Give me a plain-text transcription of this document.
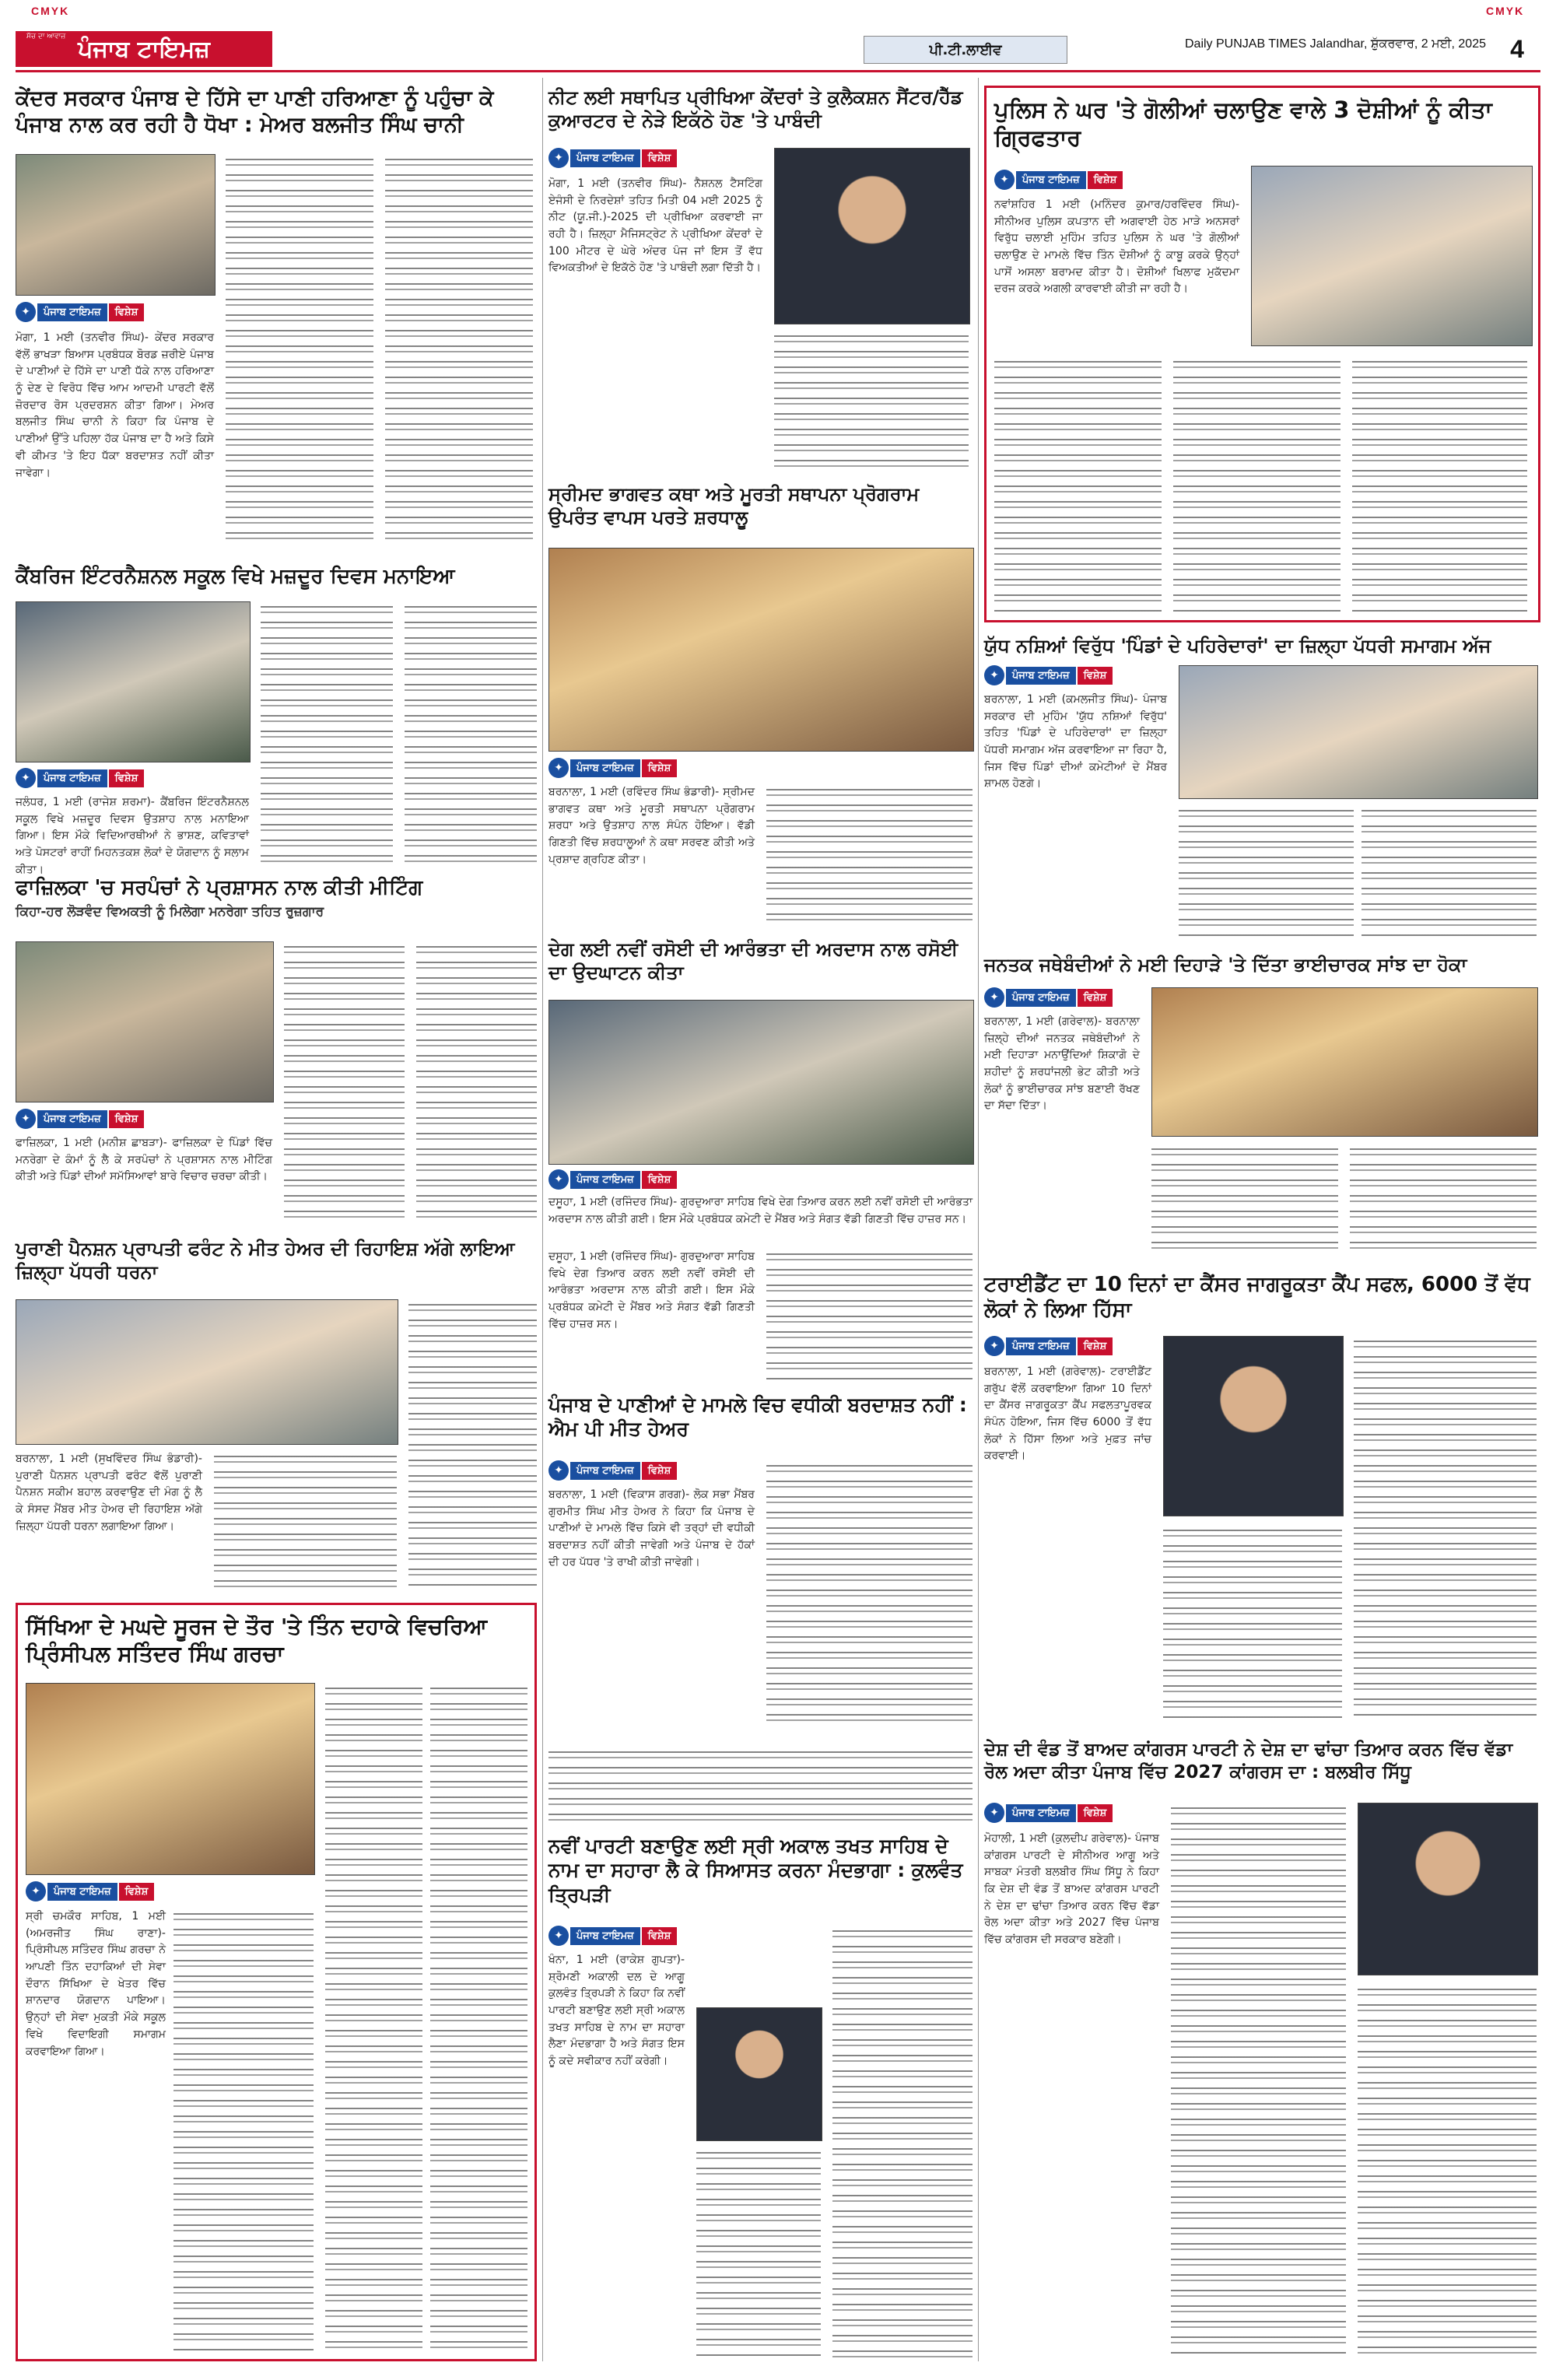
CMYK	CMYK
ਸੱਚ ਦਾ ਆਵਾਜ਼ ਪੰਜਾਬ ਟਾਇਮਜ਼	ਪੀ.ਟੀ.ਲਾਈਵ	Daily PUNJAB TIMES Jalandhar, ਸ਼ੁੱਕਰਵਾਰ, 2 ਮਈ, 2025 4
ਕੇਂਦਰ ਸਰਕਾਰ ਪੰਜਾਬ ਦੇ ਹਿੱਸੇ ਦਾ ਪਾਣੀ ਹਰਿਆਣਾ ਨੂੰ ਪਹੁੰਚਾ ਕੇ ਪੰਜਾਬ ਨਾਲ ਕਰ ਰਹੀ ਹੈ ਧੋਖਾ : ਮੇਅਰ ਬਲਜੀਤ ਸਿੰਘ ਚਾਨੀ
✦	ਪੰਜਾਬ ਟਾਇਮਜ਼	ਵਿਸ਼ੇਸ਼

ਮੋਗਾ, 1 ਮਈ (ਤਨਵੀਰ ਸਿੰਘ)- ਕੇਂਦਰ ਸਰਕਾਰ ਵੱਲੋਂ ਭਾਖੜਾ ਬਿਆਸ ਪ੍ਰਬੰਧਕ ਬੋਰਡ ਜ਼ਰੀਏ ਪੰਜਾਬ ਦੇ ਪਾਣੀਆਂ ਦੇ ਹਿੱਸੇ ਦਾ ਪਾਣੀ ਧੱਕੇ ਨਾਲ ਹਰਿਆਣਾ ਨੂੰ ਦੇਣ ਦੇ ਵਿਰੋਧ ਵਿੱਚ ਆਮ ਆਦਮੀ ਪਾਰਟੀ ਵੱਲੋਂ ਜ਼ੋਰਦਾਰ ਰੋਸ ਪ੍ਰਦਰਸ਼ਨ ਕੀਤਾ ਗਿਆ। ਮੇਅਰ ਬਲਜੀਤ ਸਿੰਘ ਚਾਨੀ ਨੇ ਕਿਹਾ ਕਿ ਪੰਜਾਬ ਦੇ ਪਾਣੀਆਂ ਉੱਤੇ ਪਹਿਲਾ ਹੱਕ ਪੰਜਾਬ ਦਾ ਹੈ ਅਤੇ ਕਿਸੇ ਵੀ ਕੀਮਤ 'ਤੇ ਇਹ ਧੱਕਾ ਬਰਦਾਸ਼ਤ ਨਹੀਂ ਕੀਤਾ ਜਾਵੇਗਾ।

ਨੀਟ ਲਈ ਸਥਾਪਿਤ ਪ੍ਰੀਖਿਆ ਕੇਂਦਰਾਂ ਤੇ ਕੁਲੈਕਸ਼ਨ ਸੈਂਟਰ/ਹੈੱਡ ਕੁਆਰਟਰ ਦੇ ਨੇੜੇ ਇਕੱਠੇ ਹੋਣ 'ਤੇ ਪਾਬੰਦੀ
✦	ਪੰਜਾਬ ਟਾਇਮਜ਼	ਵਿਸ਼ੇਸ਼

ਮੋਗਾ, 1 ਮਈ (ਤਨਵੀਰ ਸਿੰਘ)- ਨੈਸ਼ਨਲ ਟੈਸਟਿੰਗ ਏਜੰਸੀ ਦੇ ਨਿਰਦੇਸ਼ਾਂ ਤਹਿਤ ਮਿਤੀ 04 ਮਈ 2025 ਨੂੰ ਨੀਟ (ਯੂ.ਜੀ.)-2025 ਦੀ ਪ੍ਰੀਖਿਆ ਕਰਵਾਈ ਜਾ ਰਹੀ ਹੈ। ਜ਼ਿਲ੍ਹਾ ਮੈਜਿਸਟ੍ਰੇਟ ਨੇ ਪ੍ਰੀਖਿਆ ਕੇਂਦਰਾਂ ਦੇ 100 ਮੀਟਰ ਦੇ ਘੇਰੇ ਅੰਦਰ ਪੰਜ ਜਾਂ ਇਸ ਤੋਂ ਵੱਧ ਵਿਅਕਤੀਆਂ ਦੇ ਇਕੱਠੇ ਹੋਣ 'ਤੇ ਪਾਬੰਦੀ ਲਗਾ ਦਿੱਤੀ ਹੈ।

ਪੁਲਿਸ ਨੇ ਘਰ 'ਤੇ ਗੋਲੀਆਂ ਚਲਾਉਣ ਵਾਲੇ 3 ਦੋਸ਼ੀਆਂ ਨੂੰ ਕੀਤਾ ਗ੍ਰਿਫਤਾਰ
✦	ਪੰਜਾਬ ਟਾਇਮਜ਼	ਵਿਸ਼ੇਸ਼

ਨਵਾਂਸ਼ਹਿਰ 1 ਮਈ (ਮਨਿੰਦਰ ਕੁਮਾਰ/ਹਰਵਿੰਦਰ ਸਿੰਘ)- ਸੀਨੀਅਰ ਪੁਲਿਸ ਕਪਤਾਨ ਦੀ ਅਗਵਾਈ ਹੇਠ ਮਾੜੇ ਅਨਸਰਾਂ ਵਿਰੁੱਧ ਚਲਾਈ ਮੁਹਿੰਮ ਤਹਿਤ ਪੁਲਿਸ ਨੇ ਘਰ 'ਤੇ ਗੋਲੀਆਂ ਚਲਾਉਣ ਦੇ ਮਾਮਲੇ ਵਿੱਚ ਤਿੰਨ ਦੋਸ਼ੀਆਂ ਨੂੰ ਕਾਬੂ ਕਰਕੇ ਉਨ੍ਹਾਂ ਪਾਸੋਂ ਅਸਲਾ ਬਰਾਮਦ ਕੀਤਾ ਹੈ। ਦੋਸ਼ੀਆਂ ਖਿਲਾਫ ਮੁਕੱਦਮਾ ਦਰਜ ਕਰਕੇ ਅਗਲੀ ਕਾਰਵਾਈ ਕੀਤੀ ਜਾ ਰਹੀ ਹੈ।

ਸ੍ਰੀਮਦ ਭਾਗਵਤ ਕਥਾ ਅਤੇ ਮੂਰਤੀ ਸਥਾਪਨਾ ਪ੍ਰੋਗਰਾਮ ਉਪਰੰਤ ਵਾਪਸ ਪਰਤੇ ਸ਼ਰਧਾਲੂ
✦	ਪੰਜਾਬ ਟਾਇਮਜ਼	ਵਿਸ਼ੇਸ਼

ਬਰਨਾਲਾ, 1 ਮਈ (ਰਵਿੰਦਰ ਸਿੰਘ ਭੰਡਾਰੀ)- ਸ੍ਰੀਮਦ ਭਾਗਵਤ ਕਥਾ ਅਤੇ ਮੂਰਤੀ ਸਥਾਪਨਾ ਪ੍ਰੋਗਰਾਮ ਸ਼ਰਧਾ ਅਤੇ ਉਤਸ਼ਾਹ ਨਾਲ ਸੰਪੰਨ ਹੋਇਆ। ਵੱਡੀ ਗਿਣਤੀ ਵਿੱਚ ਸ਼ਰਧਾਲੂਆਂ ਨੇ ਕਥਾ ਸਰਵਣ ਕੀਤੀ ਅਤੇ ਪ੍ਰਸ਼ਾਦ ਗ੍ਰਹਿਣ ਕੀਤਾ।

ਕੈਂਬਰਿਜ ਇੰਟਰਨੈਸ਼ਨਲ ਸਕੂਲ ਵਿਖੇ ਮਜ਼ਦੂਰ ਦਿਵਸ ਮਨਾਇਆ
✦	ਪੰਜਾਬ ਟਾਇਮਜ਼	ਵਿਸ਼ੇਸ਼

ਜਲੰਧਰ, 1 ਮਈ (ਰਾਜੇਸ਼ ਸ਼ਰਮਾ)- ਕੈਂਬਰਿਜ ਇੰਟਰਨੈਸ਼ਨਲ ਸਕੂਲ ਵਿਖੇ ਮਜ਼ਦੂਰ ਦਿਵਸ ਉਤਸ਼ਾਹ ਨਾਲ ਮਨਾਇਆ ਗਿਆ। ਇਸ ਮੌਕੇ ਵਿਦਿਆਰਥੀਆਂ ਨੇ ਭਾਸ਼ਣ, ਕਵਿਤਾਵਾਂ ਅਤੇ ਪੋਸਟਰਾਂ ਰਾਹੀਂ ਮਿਹਨਤਕਸ਼ ਲੋਕਾਂ ਦੇ ਯੋਗਦਾਨ ਨੂੰ ਸਲਾਮ ਕੀਤਾ।

ਯੁੱਧ ਨਸ਼ਿਆਂ ਵਿਰੁੱਧ 'ਪਿੰਡਾਂ ਦੇ ਪਹਿਰੇਦਾਰਾਂ' ਦਾ ਜ਼ਿਲ੍ਹਾ ਪੱਧਰੀ ਸਮਾਗਮ ਅੱਜ
✦	ਪੰਜਾਬ ਟਾਇਮਜ਼	ਵਿਸ਼ੇਸ਼

ਬਰਨਾਲਾ, 1 ਮਈ (ਕਮਲਜੀਤ ਸਿੰਘ)- ਪੰਜਾਬ ਸਰਕਾਰ ਦੀ ਮੁਹਿੰਮ 'ਯੁੱਧ ਨਸ਼ਿਆਂ ਵਿਰੁੱਧ' ਤਹਿਤ 'ਪਿੰਡਾਂ ਦੇ ਪਹਿਰੇਦਾਰਾਂ' ਦਾ ਜ਼ਿਲ੍ਹਾ ਪੱਧਰੀ ਸਮਾਗਮ ਅੱਜ ਕਰਵਾਇਆ ਜਾ ਰਿਹਾ ਹੈ, ਜਿਸ ਵਿੱਚ ਪਿੰਡਾਂ ਦੀਆਂ ਕਮੇਟੀਆਂ ਦੇ ਮੈਂਬਰ ਸ਼ਾਮਲ ਹੋਣਗੇ।

ਫਾਜ਼ਿਲਕਾ 'ਚ ਸਰਪੰਚਾਂ ਨੇ ਪ੍ਰਸ਼ਾਸਨ ਨਾਲ ਕੀਤੀ ਮੀਟਿੰਗ
ਕਿਹਾ-ਹਰ ਲੋੜਵੰਦ ਵਿਅਕਤੀ ਨੂੰ ਮਿਲੇਗਾ ਮਨਰੇਗਾ ਤਹਿਤ ਰੁਜ਼ਗਾਰ
✦	ਪੰਜਾਬ ਟਾਇਮਜ਼	ਵਿਸ਼ੇਸ਼

ਫਾਜ਼ਿਲਕਾ, 1 ਮਈ (ਮਨੀਸ਼ ਛਾਬੜਾ)- ਫਾਜ਼ਿਲਕਾ ਦੇ ਪਿੰਡਾਂ ਵਿੱਚ ਮਨਰੇਗਾ ਦੇ ਕੰਮਾਂ ਨੂੰ ਲੈ ਕੇ ਸਰਪੰਚਾਂ ਨੇ ਪ੍ਰਸ਼ਾਸਨ ਨਾਲ ਮੀਟਿੰਗ ਕੀਤੀ ਅਤੇ ਪਿੰਡਾਂ ਦੀਆਂ ਸਮੱਸਿਆਵਾਂ ਬਾਰੇ ਵਿਚਾਰ ਚਰਚਾ ਕੀਤੀ।

ਦੇਗ ਲਈ ਨਵੀਂ ਰਸੋਈ ਦੀ ਆਰੰਭਤਾ ਦੀ ਅਰਦਾਸ ਨਾਲ ਰਸੋਈ ਦਾ ਉਦਘਾਟਨ ਕੀਤਾ
✦	ਪੰਜਾਬ ਟਾਇਮਜ਼	ਵਿਸ਼ੇਸ਼

ਦਸੂਹਾ, 1 ਮਈ (ਰਜਿੰਦਰ ਸਿੰਘ)- ਗੁਰਦੁਆਰਾ ਸਾਹਿਬ ਵਿਖੇ ਦੇਗ ਤਿਆਰ ਕਰਨ ਲਈ ਨਵੀਂ ਰਸੋਈ ਦੀ ਆਰੰਭਤਾ ਅਰਦਾਸ ਨਾਲ ਕੀਤੀ ਗਈ। ਇਸ ਮੌਕੇ ਪ੍ਰਬੰਧਕ ਕਮੇਟੀ ਦੇ ਮੈਂਬਰ ਅਤੇ ਸੰਗਤ ਵੱਡੀ ਗਿਣਤੀ ਵਿੱਚ ਹਾਜ਼ਰ ਸਨ।

ਜਨਤਕ ਜਥੇਬੰਦੀਆਂ ਨੇ ਮਈ ਦਿਹਾੜੇ 'ਤੇ ਦਿੱਤਾ ਭਾਈਚਾਰਕ ਸਾਂਝ ਦਾ ਹੋਕਾ
✦	ਪੰਜਾਬ ਟਾਇਮਜ਼	ਵਿਸ਼ੇਸ਼

ਬਰਨਾਲਾ, 1 ਮਈ (ਗਰੇਵਾਲ)- ਬਰਨਾਲਾ ਜ਼ਿਲ੍ਹੇ ਦੀਆਂ ਜਨਤਕ ਜਥੇਬੰਦੀਆਂ ਨੇ ਮਈ ਦਿਹਾੜਾ ਮਨਾਉਂਦਿਆਂ ਸ਼ਿਕਾਗੋ ਦੇ ਸ਼ਹੀਦਾਂ ਨੂੰ ਸ਼ਰਧਾਂਜਲੀ ਭੇਟ ਕੀਤੀ ਅਤੇ ਲੋਕਾਂ ਨੂੰ ਭਾਈਚਾਰਕ ਸਾਂਝ ਬਣਾਈ ਰੱਖਣ ਦਾ ਸੱਦਾ ਦਿੱਤਾ।

ਪੁਰਾਣੀ ਪੈਨਸ਼ਨ ਪ੍ਰਾਪਤੀ ਫਰੰਟ ਨੇ ਮੀਤ ਹੇਅਰ ਦੀ ਰਿਹਾਇਸ਼ ਅੱਗੇ ਲਾਇਆ ਜ਼ਿਲ੍ਹਾ ਪੱਧਰੀ ਧਰਨਾ

ਬਰਨਾਲਾ, 1 ਮਈ (ਸੁਖਵਿੰਦਰ ਸਿੰਘ ਭੰਡਾਰੀ)- ਪੁਰਾਣੀ ਪੈਨਸ਼ਨ ਪ੍ਰਾਪਤੀ ਫਰੰਟ ਵੱਲੋਂ ਪੁਰਾਣੀ ਪੈਨਸ਼ਨ ਸਕੀਮ ਬਹਾਲ ਕਰਵਾਉਣ ਦੀ ਮੰਗ ਨੂੰ ਲੈ ਕੇ ਸੰਸਦ ਮੈਂਬਰ ਮੀਤ ਹੇਅਰ ਦੀ ਰਿਹਾਇਸ਼ ਅੱਗੇ ਜ਼ਿਲ੍ਹਾ ਪੱਧਰੀ ਧਰਨਾ ਲਗਾਇਆ ਗਿਆ।

ਦਸੂਹਾ, 1 ਮਈ (ਰਜਿੰਦਰ ਸਿੰਘ)- ਗੁਰਦੁਆਰਾ ਸਾਹਿਬ ਵਿਖੇ ਦੇਗ ਤਿਆਰ ਕਰਨ ਲਈ ਨਵੀਂ ਰਸੋਈ ਦੀ ਆਰੰਭਤਾ ਅਰਦਾਸ ਨਾਲ ਕੀਤੀ ਗਈ। ਇਸ ਮੌਕੇ ਪ੍ਰਬੰਧਕ ਕਮੇਟੀ ਦੇ ਮੈਂਬਰ ਅਤੇ ਸੰਗਤ ਵੱਡੀ ਗਿਣਤੀ ਵਿੱਚ ਹਾਜ਼ਰ ਸਨ।

ਪੰਜਾਬ ਦੇ ਪਾਣੀਆਂ ਦੇ ਮਾਮਲੇ ਵਿਚ ਵਧੀਕੀ ਬਰਦਾਸ਼ਤ ਨਹੀਂ : ਐਮ ਪੀ ਮੀਤ ਹੇਅਰ
✦	ਪੰਜਾਬ ਟਾਇਮਜ਼	ਵਿਸ਼ੇਸ਼

ਬਰਨਾਲਾ, 1 ਮਈ (ਵਿਕਾਸ ਗਰਗ)- ਲੋਕ ਸਭਾ ਮੈਂਬਰ ਗੁਰਮੀਤ ਸਿੰਘ ਮੀਤ ਹੇਅਰ ਨੇ ਕਿਹਾ ਕਿ ਪੰਜਾਬ ਦੇ ਪਾਣੀਆਂ ਦੇ ਮਾਮਲੇ ਵਿੱਚ ਕਿਸੇ ਵੀ ਤਰ੍ਹਾਂ ਦੀ ਵਧੀਕੀ ਬਰਦਾਸ਼ਤ ਨਹੀਂ ਕੀਤੀ ਜਾਵੇਗੀ ਅਤੇ ਪੰਜਾਬ ਦੇ ਹੱਕਾਂ ਦੀ ਹਰ ਪੱਧਰ 'ਤੇ ਰਾਖੀ ਕੀਤੀ ਜਾਵੇਗੀ।

ਟਰਾਈਡੈਂਟ ਦਾ 10 ਦਿਨਾਂ ਦਾ ਕੈਂਸਰ ਜਾਗਰੂਕਤਾ ਕੈਂਪ ਸਫਲ, 6000 ਤੋਂ ਵੱਧ ਲੋਕਾਂ ਨੇ ਲਿਆ ਹਿੱਸਾ
✦	ਪੰਜਾਬ ਟਾਇਮਜ਼	ਵਿਸ਼ੇਸ਼

ਬਰਨਾਲਾ, 1 ਮਈ (ਗਰੇਵਾਲ)- ਟਰਾਈਡੈਂਟ ਗਰੁੱਪ ਵੱਲੋਂ ਕਰਵਾਇਆ ਗਿਆ 10 ਦਿਨਾਂ ਦਾ ਕੈਂਸਰ ਜਾਗਰੂਕਤਾ ਕੈਂਪ ਸਫਲਤਾਪੂਰਵਕ ਸੰਪੰਨ ਹੋਇਆ, ਜਿਸ ਵਿੱਚ 6000 ਤੋਂ ਵੱਧ ਲੋਕਾਂ ਨੇ ਹਿੱਸਾ ਲਿਆ ਅਤੇ ਮੁਫ਼ਤ ਜਾਂਚ ਕਰਵਾਈ।

ਸਿੱਖਿਆ ਦੇ ਮਘਦੇ ਸੂਰਜ ਦੇ ਤੌਰ 'ਤੇ ਤਿੰਨ ਦਹਾਕੇ ਵਿਚਰਿਆ ਪ੍ਰਿੰਸੀਪਲ ਸਤਿੰਦਰ ਸਿੰਘ ਗਰਚਾ
✦	ਪੰਜਾਬ ਟਾਇਮਜ਼	ਵਿਸ਼ੇਸ਼

ਸ੍ਰੀ ਚਮਕੌਰ ਸਾਹਿਬ, 1 ਮਈ (ਅਮਰਜੀਤ ਸਿੰਘ ਰਾਣਾ)- ਪ੍ਰਿੰਸੀਪਲ ਸਤਿੰਦਰ ਸਿੰਘ ਗਰਚਾ ਨੇ ਆਪਣੀ ਤਿੰਨ ਦਹਾਕਿਆਂ ਦੀ ਸੇਵਾ ਦੌਰਾਨ ਸਿੱਖਿਆ ਦੇ ਖੇਤਰ ਵਿੱਚ ਸ਼ਾਨਦਾਰ ਯੋਗਦਾਨ ਪਾਇਆ। ਉਨ੍ਹਾਂ ਦੀ ਸੇਵਾ ਮੁਕਤੀ ਮੌਕੇ ਸਕੂਲ ਵਿਖੇ ਵਿਦਾਇਗੀ ਸਮਾਗਮ ਕਰਵਾਇਆ ਗਿਆ।

ਨਵੀਂ ਪਾਰਟੀ ਬਣਾਉਣ ਲਈ ਸ੍ਰੀ ਅਕਾਲ ਤਖਤ ਸਾਹਿਬ ਦੇ ਨਾਮ ਦਾ ਸਹਾਰਾ ਲੈ ਕੇ ਸਿਆਸਤ ਕਰਨਾ ਮੰਦਭਾਗਾ : ਕੁਲਵੰਤ ਤ੍ਰਿਪੜੀ
✦	ਪੰਜਾਬ ਟਾਇਮਜ਼	ਵਿਸ਼ੇਸ਼

ਖੰਨਾ, 1 ਮਈ (ਰਾਕੇਸ਼ ਗੁਪਤਾ)- ਸ਼੍ਰੋਮਣੀ ਅਕਾਲੀ ਦਲ ਦੇ ਆਗੂ ਕੁਲਵੰਤ ਤ੍ਰਿਪੜੀ ਨੇ ਕਿਹਾ ਕਿ ਨਵੀਂ ਪਾਰਟੀ ਬਣਾਉਣ ਲਈ ਸ੍ਰੀ ਅਕਾਲ ਤਖਤ ਸਾਹਿਬ ਦੇ ਨਾਮ ਦਾ ਸਹਾਰਾ ਲੈਣਾ ਮੰਦਭਾਗਾ ਹੈ ਅਤੇ ਸੰਗਤ ਇਸ ਨੂੰ ਕਦੇ ਸਵੀਕਾਰ ਨਹੀਂ ਕਰੇਗੀ।

ਦੇਸ਼ ਦੀ ਵੰਡ ਤੋਂ ਬਾਅਦ ਕਾਂਗਰਸ ਪਾਰਟੀ ਨੇ ਦੇਸ਼ ਦਾ ਢਾਂਚਾ ਤਿਆਰ ਕਰਨ ਵਿੱਚ ਵੱਡਾ ਰੋਲ ਅਦਾ ਕੀਤਾ ਪੰਜਾਬ ਵਿੱਚ 2027 ਕਾਂਗਰਸ ਦਾ : ਬਲਬੀਰ ਸਿੱਧੂ
✦	ਪੰਜਾਬ ਟਾਇਮਜ਼	ਵਿਸ਼ੇਸ਼

ਮੋਹਾਲੀ, 1 ਮਈ (ਕੁਲਦੀਪ ਗਰੇਵਾਲ)- ਪੰਜਾਬ ਕਾਂਗਰਸ ਪਾਰਟੀ ਦੇ ਸੀਨੀਅਰ ਆਗੂ ਅਤੇ ਸਾਬਕਾ ਮੰਤਰੀ ਬਲਬੀਰ ਸਿੰਘ ਸਿੱਧੂ ਨੇ ਕਿਹਾ ਕਿ ਦੇਸ਼ ਦੀ ਵੰਡ ਤੋਂ ਬਾਅਦ ਕਾਂਗਰਸ ਪਾਰਟੀ ਨੇ ਦੇਸ਼ ਦਾ ਢਾਂਚਾ ਤਿਆਰ ਕਰਨ ਵਿੱਚ ਵੱਡਾ ਰੋਲ ਅਦਾ ਕੀਤਾ ਅਤੇ 2027 ਵਿੱਚ ਪੰਜਾਬ ਵਿੱਚ ਕਾਂਗਰਸ ਦੀ ਸਰਕਾਰ ਬਣੇਗੀ।
